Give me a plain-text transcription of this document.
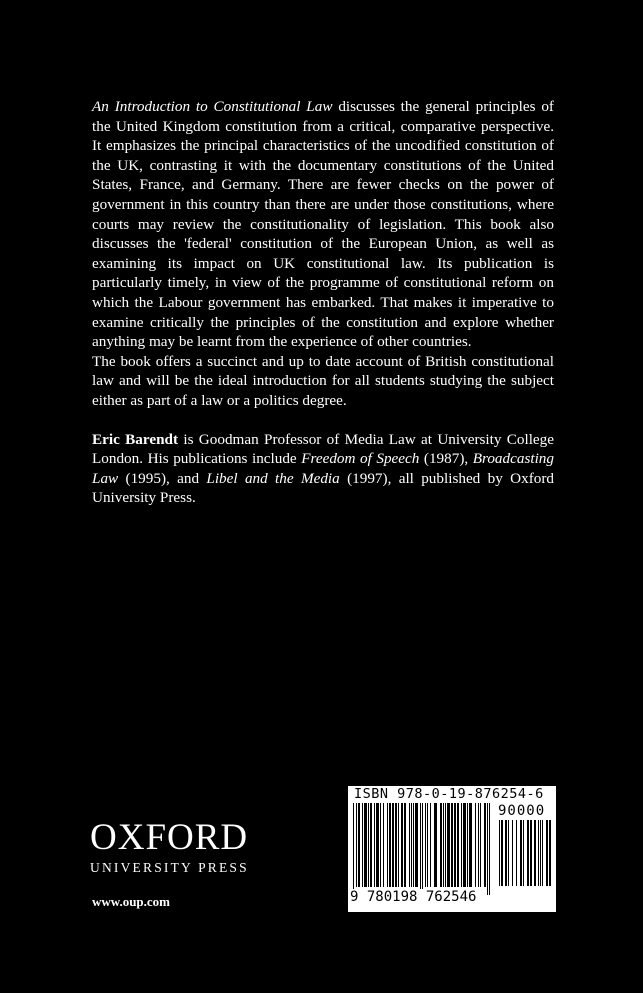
An Introduction to Constitutional Law discusses the general principles of the United Kingdom constitution from a critical, comparative perspective. It emphasizes the principal characteristics of the uncodified constitution of the UK, contrasting it with the documentary constitutions of the United States, France, and Germany. There are fewer checks on the power of government in this country than there are under those constitutions, where courts may review the constitutionality of legislation. This book also discusses the 'federal' constitution of the European Union, as well as examining its impact on UK constitutional law. Its publication is particularly timely, in view of the programme of constitutional reform on which the Labour government has embarked. That makes it imperative to examine critically the principles of the constitution and explore whether anything may be learnt from the experience of other countries.

The book offers a succinct and up to date account of British constitutional law and will be the ideal introduction for all students studying the subject either as part of a law or a politics degree.

Eric Barendt is Goodman Professor of Media Law at University College London. His publications include Freedom of Speech (1987), Broadcasting Law (1995), and Libel and the Media (1997), all published by Oxford University Press.

OXFORD
UNIVERSITY PRESS
www.oup.com
ISBN 978-0-19-876254-6
90000
9 780198 762546
